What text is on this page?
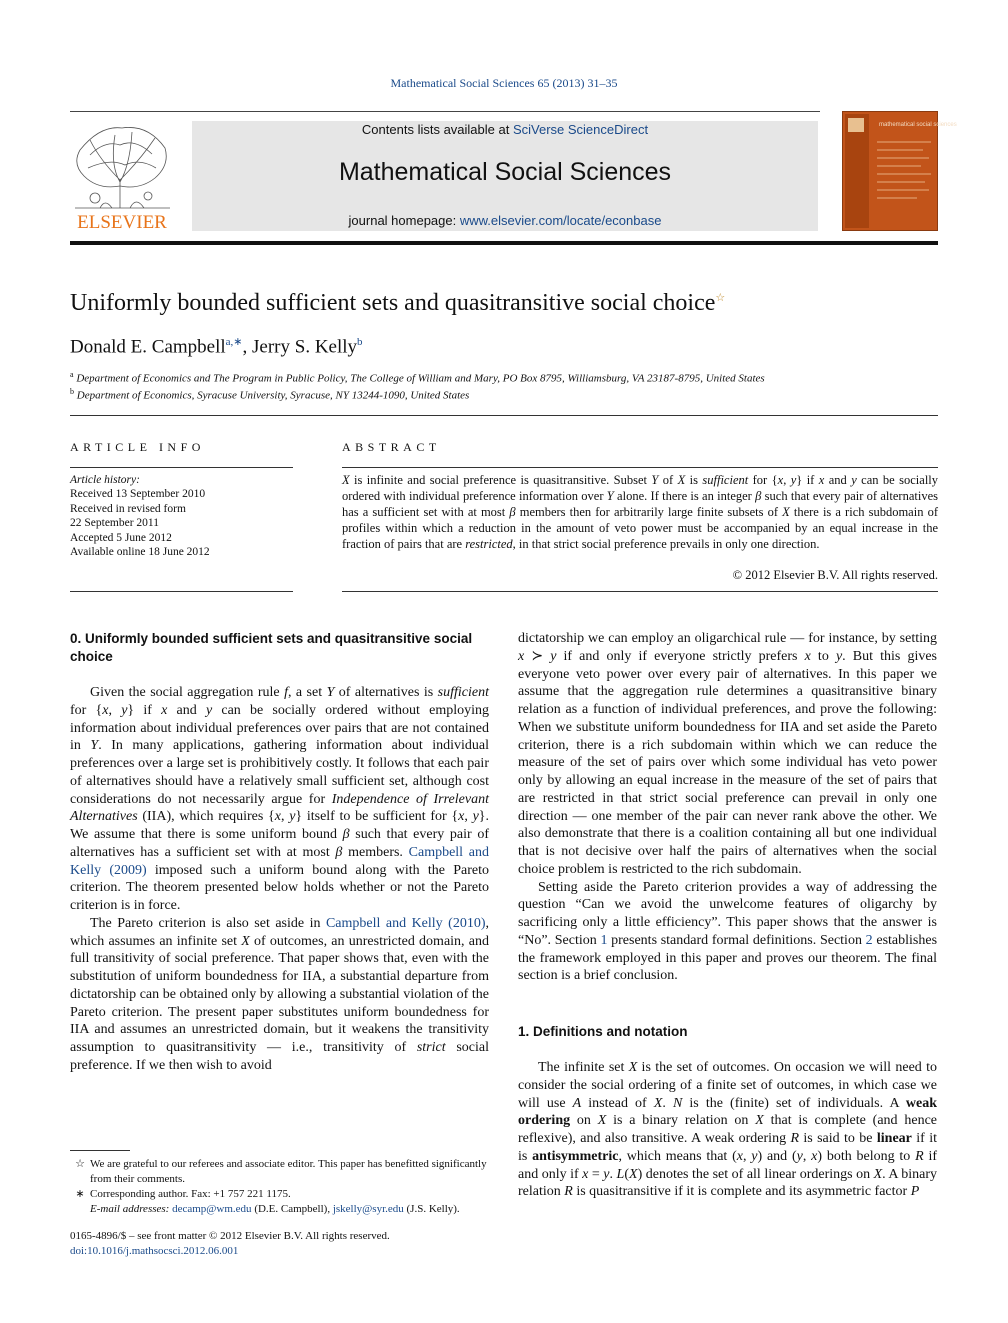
Mathematical Social Sciences 65 (2013) 31–35
ELSEVIER
Contents lists available at SciVerse ScienceDirect
Mathematical Social Sciences
journal homepage: www.elsevier.com/locate/econbase
mathematical social sciences
Uniformly bounded sufficient sets and quasitransitive social choice☆
Donald E. Campbell$^{a,∗}$, Jerry S. Kelly$^b$
$^a$ Department of Economics and The Program in Public Policy, The College of William and Mary, PO Box 8795, Williamsburg, VA 23187-8795, United States
$^b$ Department of Economics, Syracuse University, Syracuse, NY 13244-1090, United States
ARTICLE INFO
Article history:
Received 13 September 2010
Received in revised form
22 September 2011
Accepted 5 June 2012
Available online 18 June 2012
ABSTRACT
X is infinite and social preference is quasitransitive. Subset Y of X is sufficient for {x, y} if x and y can be socially ordered with individual preference information over Y alone. If there is an integer β such that every pair of alternatives has a sufficient set with at most β members then for arbitrarily large finite subsets of X there is a rich subdomain of profiles within which a reduction in the amount of veto power must be accompanied by an equal increase in the fraction of pairs that are restricted, in that strict social preference prevails in only one direction.
© 2012 Elsevier B.V. All rights reserved.
0. Uniformly bounded sufficient sets and quasitransitive social choice

Given the social aggregation rule f, a set Y of alternatives is sufficient for {x, y} if x and y can be socially ordered without employing information about individual preferences over pairs that are not contained in Y. In many applications, gathering information about individual preferences over a large set is prohibitively costly. It follows that each pair of alternatives should have a relatively small sufficient set, although cost considerations do not necessarily argue for Independence of Irrelevant Alternatives (IIA), which requires {x, y} itself to be sufficient for {x, y}. We assume that there is some uniform bound β such that every pair of alternatives has a sufficient set with at most β members. Campbell and Kelly (2009) imposed such a uniform bound along with the Pareto criterion. The theorem presented below holds whether or not the Pareto criterion is in force.

The Pareto criterion is also set aside in Campbell and Kelly (2010), which assumes an infinite set X of outcomes, an unrestricted domain, and full transitivity of social preference. That paper shows that, even with the substitution of uniform boundedness for IIA, a substantial departure from dictatorship can be obtained only by allowing a substantial violation of the Pareto criterion. The present paper substitutes uniform boundedness for IIA and assumes an unrestricted domain, but it weakens the transitivity assumption to quasitransitivity — i.e., transitivity of strict social preference. If we then wish to avoid

dictatorship we can employ an oligarchical rule — for instance, by setting x ≻ y if and only if everyone strictly prefers x to y. But this gives everyone veto power over every pair of alternatives. In this paper we assume that the aggregation rule determines a quasitransitive binary relation as a function of individual preferences, and prove the following: When we substitute uniform boundedness for IIA and set aside the Pareto criterion, there is a rich subdomain within which we can reduce the measure of the set of pairs over which some individual has veto power only by allowing an equal increase in the measure of the set of pairs that are restricted in that strict social preference can prevail in only one direction — one member of the pair can never rank above the other. We also demonstrate that there is a coalition containing all but one individual that is not decisive over half the pairs of alternatives when the social choice problem is restricted to the rich subdomain.

Setting aside the Pareto criterion provides a way of addressing the question “Can we avoid the unwelcome features of oligarchy by sacrificing only a little efficiency”. This paper shows that the answer is “No”. Section 1 presents standard formal definitions. Section 2 establishes the framework employed in this paper and proves our theorem. The final section is a brief conclusion.

1. Definitions and notation

The infinite set X is the set of outcomes. On occasion we will need to consider the social ordering of a finite set of outcomes, in which case we will use A instead of X. N is the (finite) set of individuals. A weak ordering on X is a binary relation on X that is complete (and hence reflexive), and also transitive. A weak ordering R is said to be linear if it is antisymmetric, which means that (x, y) and (y, x) both belong to R if and only if x = y. L(X) denotes the set of all linear orderings on X. A binary relation R is quasitransitive if it is complete and its asymmetric factor P

☆ We are grateful to our referees and associate editor. This paper has benefitted significantly from their comments.
∗ Corresponding author. Fax: +1 757 221 1175.
E-mail addresses: decamp@wm.edu (D.E. Campbell), jskelly@syr.edu (J.S. Kelly).
0165-4896/$ – see front matter © 2012 Elsevier B.V. All rights reserved.
doi:10.1016/j.mathsocsci.2012.06.001
